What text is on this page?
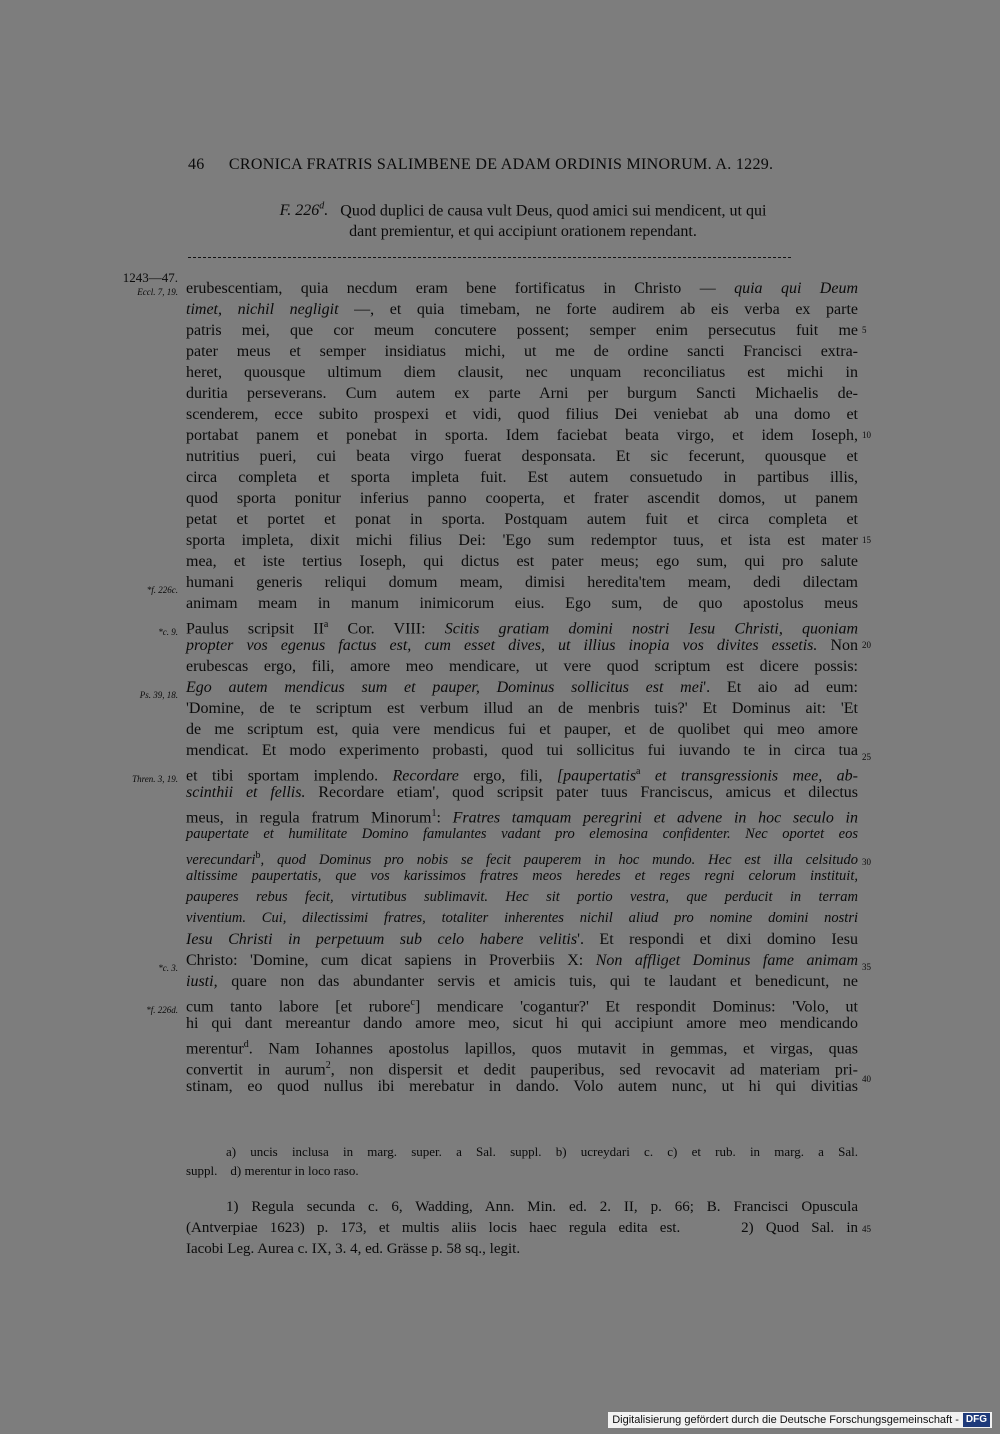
46 CRONICA FRATRIS SALIMBENE DE ADAM ORDINIS MINORUM. A. 1229.
F. 226$^d$. Quod duplici de causa vult Deus, quod amici sui mendicent, ut qui
dant premientur, et qui accipiunt orationem rependant.
1243—47.
Eccl. 7, 19.
*f. 226c.
*c. 9.
Ps. 39, 18.
Thren. 3, 19.
*c. 3.
*f. 226d.
5
10
15
20
25
30
35
40
erubescentiam, quia necdum eram bene fortificatus in Christo — quia qui Deum
timet, nichil negligit —, et quia timebam, ne forte audirem ab eis verba ex parte
patris mei, que cor meum concutere possent; semper enim persecutus fuit me
pater meus et semper insidiatus michi, ut me de ordine sancti Francisci extra-
heret, quousque ultimum diem clausit, nec unquam reconciliatus est michi in
duritia perseverans. Cum autem ex parte Arni per burgum Sancti Michaelis de-
scenderem, ecce subito prospexi et vidi, quod filius Dei veniebat ab una domo et
portabat panem et ponebat in sporta. Idem faciebat beata virgo, et idem Ioseph,
nutritius pueri, cui beata virgo fuerat desponsata. Et sic fecerunt, quousque et
circa completa et sporta impleta fuit. Est autem consuetudo in partibus illis,
quod sporta ponitur inferius panno cooperta, et frater ascendit domos, ut panem
petat et portet et ponat in sporta. Postquam autem fuit et circa completa et
sporta impleta, dixit michi filius Dei: 'Ego sum redemptor tuus, et ista est mater
mea, et iste tertius Ioseph, qui dictus est pater meus; ego sum, qui pro salute
humani generis reliqui domum meam, dimisi heredita'tem meam, dedi dilectam
animam meam in manum inimicorum eius. Ego sum, de quo apostolus meus
Paulus scripsit $II^a$ Cor. VIII: Scitis gratiam domini nostri Iesu Christi, quoniam
propter vos egenus factus est, cum esset dives, ut illius inopia vos divites essetis. Non
erubescas ergo, fili, amore meo mendicare, ut vere quod scriptum est dicere possis:
Ego autem mendicus sum et pauper, Dominus sollicitus est mei'. Et aio ad eum:
'Domine, de te scriptum est verbum illud an de menbris tuis?' Et Dominus ait: 'Et
de me scriptum est, quia vere mendicus fui et pauper, et de quolibet qui meo amore
mendicat. Et modo experimento probasti, quod tui sollicitus fui iuvando te in circa tua
et tibi sportam implendo. Recordare ergo, fili, [paupertatis$^a$ et transgressionis mee, ab-
scinthii et fellis. Recordare etiam', quod scripsit pater tuus Franciscus, amicus et dilectus
meus, in regula fratrum Minorum$^1$: Fratres tamquam peregrini et advene in hoc seculo in
paupertate et humilitate Domino famulantes vadant pro elemosina confidenter. Nec oportet eos
verecundari$^b$, quod Dominus pro nobis se fecit pauperem in hoc mundo. Hec est illa celsitudo
altissime paupertatis, que vos karissimos fratres meos heredes et reges regni celorum instituit,
pauperes rebus fecit, virtutibus sublimavit. Hec sit portio vestra, que perducit in terram
viventium. Cui, dilectissimi fratres, totaliter inherentes nichil aliud pro nomine domini nostri
Iesu Christi in perpetuum sub celo habere velitis'. Et respondi et dixi domino Iesu
Christo: 'Domine, cum dicat sapiens in Proverbiis X: Non affliget Dominus fame animam
iusti, quare non das abundanter servis et amicis tuis, qui te laudant et benedicunt, ne
cum tanto labore [et rubore$^c$] mendicare 'cogantur?' Et respondit Dominus: 'Volo, ut
hi qui dant mereantur dando amore meo, sicut hi qui accipiunt amore meo mendicando
merentur$^d$. Nam Iohannes apostolus lapillos, quos mutavit in gemmas, et virgas, quas
convertit in aurum$^2$, non dispersit et dedit pauperibus, sed revocavit ad materiam pri-
stinam, eo quod nullus ibi merebatur in dando. Volo autem nunc, ut hi qui divitias
a) uncis inclusa in marg. super. a Sal. suppl. b) ucreydari c. c) et rub. in marg. a Sal.
suppl.    d) merentur in loco raso.
1) Regula secunda c. 6, Wadding, Ann. Min. ed. 2. II, p. 66; B. Francisci Opuscula
(Antverpiae 1623) p. 173, et multis aliis locis haec regula edita est.     2) Quod Sal. in
Iacobi Leg. Aurea c. IX, 3. 4, ed. Grässe p. 58 sq., legit.
45
Digitalisierung gefördert durch die Deutsche Forschungsgemeinschaft - DFG
